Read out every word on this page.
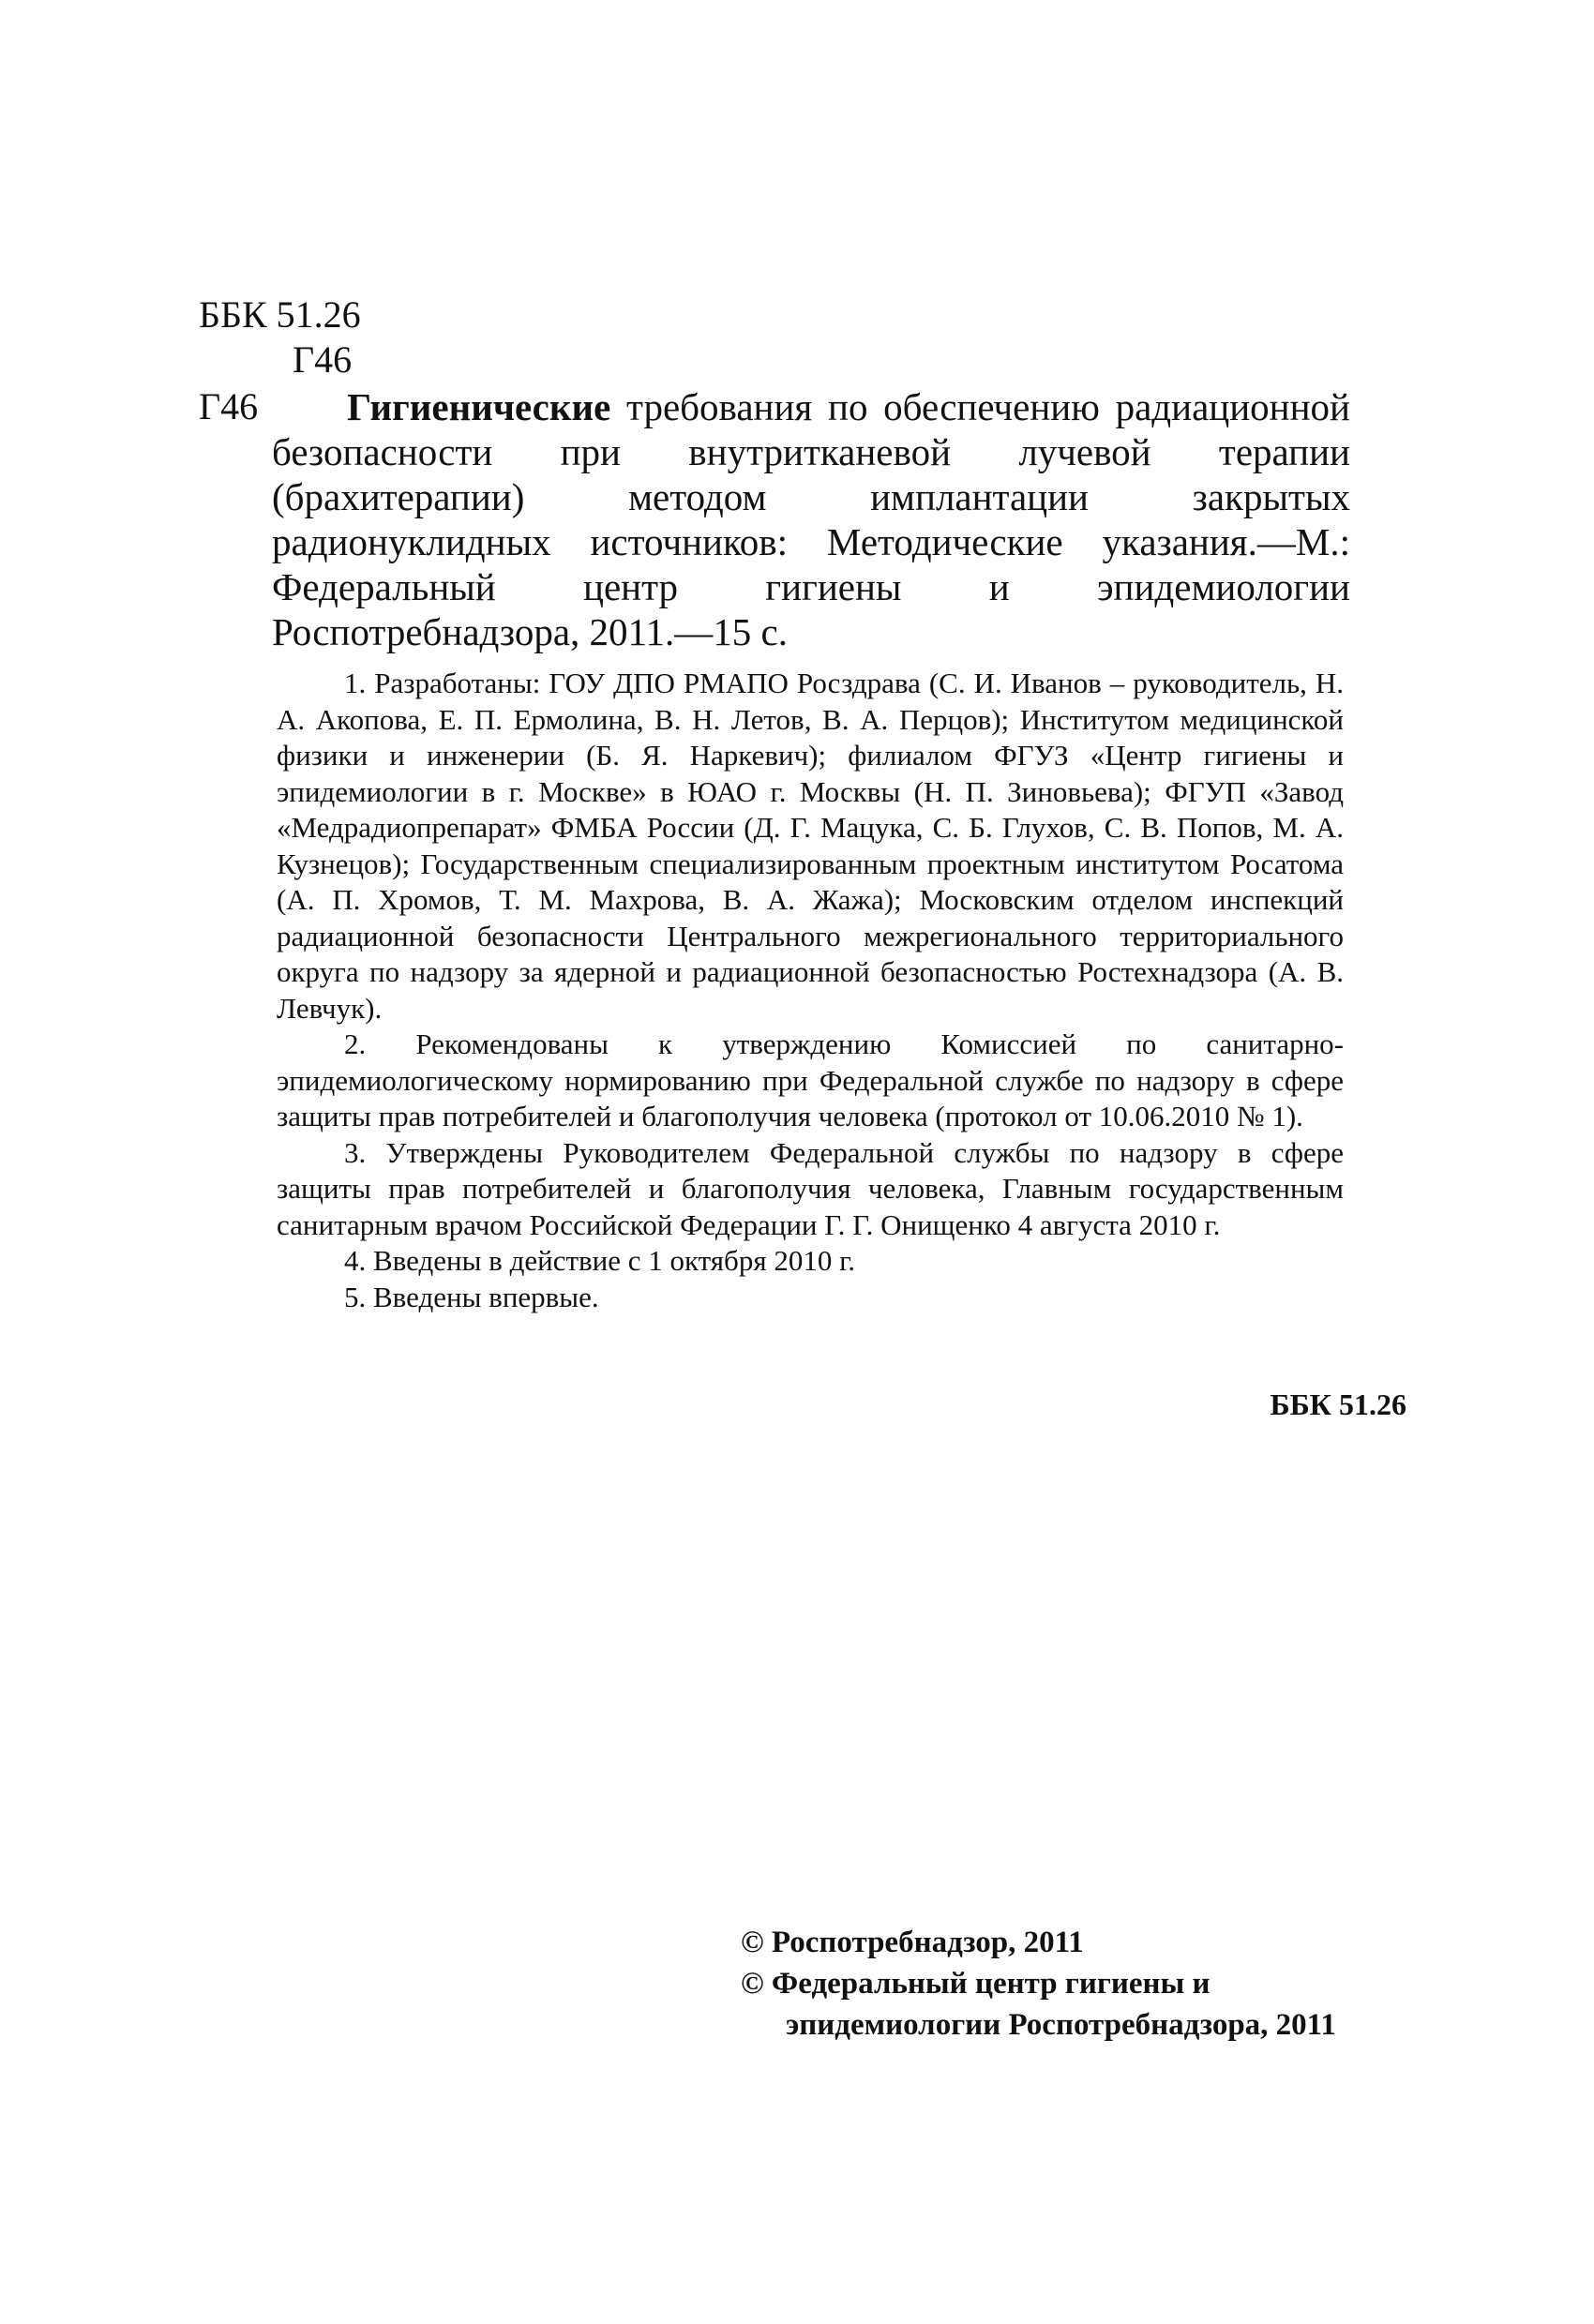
ББК 51.26
Г46
Г46	Гигиенические требования по обеспечению радиационной безопасности при внутритканевой лучевой терапии (брахитерапии) методом имплантации закрытых радионуклидных источников: Методические указания.—М.: Федеральный центр гигиены и эпидемиологии Роспотребнадзора, 2011.—15 с.

1. Разработаны: ГОУ ДПО РМАПО Росздрава (С. И. Иванов – руководитель, Н. А. Акопова, Е. П. Ермолина, В. Н. Летов, В. А. Перцов); Институтом медицинской физики и инженерии (Б. Я. Наркевич); филиалом ФГУЗ «Центр гигиены и эпидемиологии в г. Москве» в ЮАО г. Москвы (Н. П. Зиновьева); ФГУП «Завод «Медрадиопрепарат» ФМБА России (Д. Г. Мацука, С. Б. Глухов, С. В. Попов, М. А. Кузнецов); Государственным специализированным проектным институтом Росатома (А. П. Хромов, Т. М. Махрова, В. А. Жажа); Московским отделом инспекций радиационной безопасности Центрального межрегионального территориального округа по надзору за ядерной и радиационной безопасностью Ростехнадзора (А. В. Левчук).

2. Рекомендованы к утверждению Комиссией по санитарно-эпидемиологическому нормированию при Федеральной службе по надзору в сфере защиты прав потребителей и благополучия человека (протокол от 10.06.2010 № 1).

3. Утверждены Руководителем Федеральной службы по надзору в сфере защиты прав потребителей и благополучия человека, Главным государственным санитарным врачом Российской Федерации Г. Г. Онищенко 4 августа 2010 г.

4. Введены в действие с 1 октября 2010 г.

5. Введены впервые.

ББК 51.26
© Роспотребнадзор, 2011
© Федеральный центр гигиены и
эпидемиологии Роспотребнадзора, 2011
